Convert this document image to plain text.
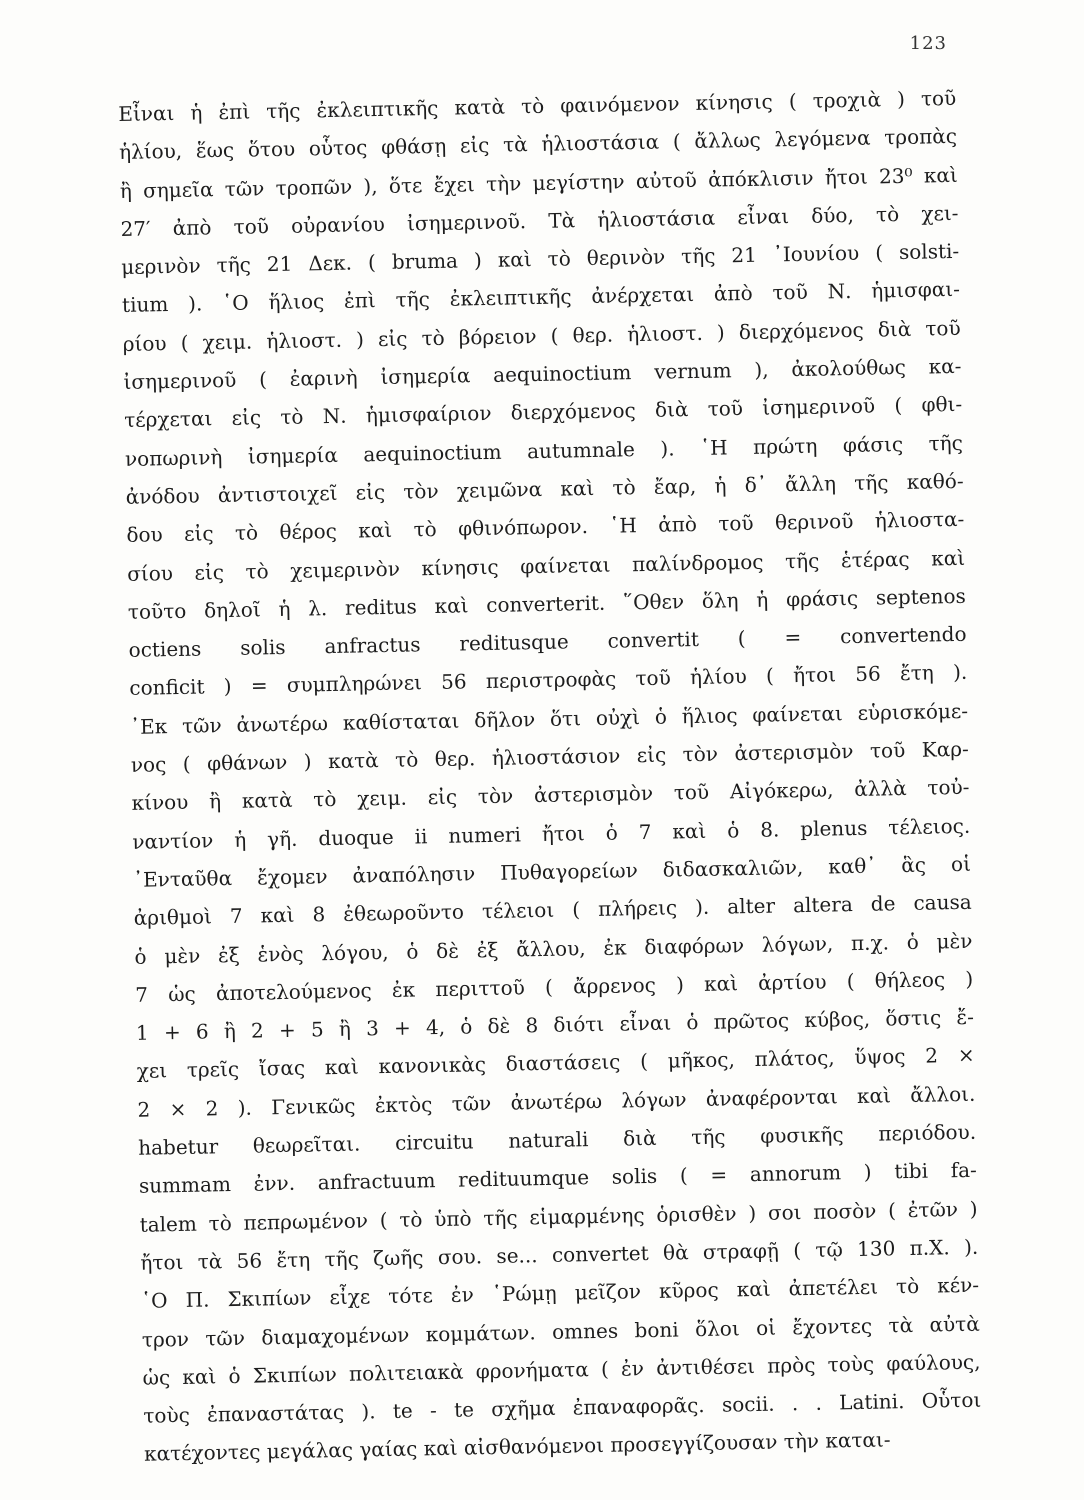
123
Εἶναι ἡ ἐπὶ τῆς ἐκλειπτικῆς κατὰ τὸ φαινόμενον κίνησις ( τροχιὰ ) τοῦ
ἡλίου, ἕως ὅτου οὗτος φθάσῃ εἰς τὰ ἡλιοστάσια ( ἄλλως λεγόμενα τροπὰς
ἢ σημεῖα τῶν τροπῶν ), ὅτε ἔχει τὴν μεγίστην αὐτοῦ ἀπόκλισιν ἤτοι 23⁰ καὶ
27′ ἀπὸ τοῦ οὐρανίου ἰσημερινοῦ. Τὰ ἡλιοστάσια εἶναι δύο, τὸ χει-
μερινὸν τῆς 21 Δεκ. ( bruma ) καὶ τὸ θερινὸν τῆς 21 ᾿Ιουνίου ( solsti-
tium ). ῾Ο ἥλιος ἐπὶ τῆς ἐκλειπτικῆς ἀνέρχεται ἀπὸ τοῦ Ν. ἡμισφαι-
ρίου ( χειμ. ἡλιοστ. ) εἰς τὸ βόρειον ( θερ. ἡλιοστ. ) διερχόμενος διὰ τοῦ
ἰσημερινοῦ ( ἐαρινὴ ἰσημερία aequinoctium vernum ), ἀκολούθως κα-
τέρχεται εἰς τὸ Ν. ἡμισφαίριον διερχόμενος διὰ τοῦ ἰσημερινοῦ ( φθι-
νοπωρινὴ ἰσημερία aequinoctium autumnale ). ῾Η πρώτη φάσις τῆς
ἀνόδου ἀντιστοιχεῖ εἰς τὸν χειμῶνα καὶ τὸ ἔαρ, ἡ δ᾿ ἄλλη τῆς καθό-
δου εἰς τὸ θέρος καὶ τὸ φθινόπωρον. ῾Η ἀπὸ τοῦ θερινοῦ ἡλιοστα-
σίου εἰς τὸ χειμερινὸν κίνησις φαίνεται παλίνδρομος τῆς ἑτέρας καὶ
τοῦτο δηλοῖ ἡ λ. reditus καὶ converterit. ῞Οθεν ὅλη ἡ φράσις septenos
octiens solis anfractus reditusque convertit ( = convertendo
conficit ) = συμπληρώνει 56 περιστροφὰς τοῦ ἡλίου ( ἤτοι 56 ἔτη ).
᾿Εκ τῶν ἀνωτέρω καθίσταται δῆλον ὅτι οὐχὶ ὁ ἥλιος φαίνεται εὑρισκόμε-
νος ( φθάνων ) κατὰ τὸ θερ. ἡλιοστάσιον εἰς τὸν ἀστερισμὸν τοῦ Καρ-
κίνου ἢ κατὰ τὸ χειμ. εἰς τὸν ἀστερισμὸν τοῦ Αἰγόκερω, ἀλλὰ τοὐ-
ναντίον ἡ γῆ. duoque ii numeri ἤτοι ὁ 7 καὶ ὁ 8. plenus τέλειος.
᾿Ενταῦθα ἔχομεν ἀναπόλησιν Πυθαγορείων διδασκαλιῶν, καθ᾿ ἃς οἱ
ἀριθμοὶ 7 καὶ 8 ἐθεωροῦντο τέλειοι ( πλήρεις ). alter altera de causa
ὁ μὲν ἐξ ἑνὸς λόγου, ὁ δὲ ἐξ ἄλλου, ἐκ διαφόρων λόγων, π.χ. ὁ μὲν
7 ὡς ἀποτελούμενος ἐκ περιττοῦ ( ἄρρενος ) καὶ ἀρτίου ( θήλεος )
1 + 6 ἢ 2 + 5 ἢ 3 + 4, ὁ δὲ 8 διότι εἶναι ὁ πρῶτος κύβος, ὅστις ἔ-
χει τρεῖς ἴσας καὶ κανονικὰς διαστάσεις ( μῆκος, πλάτος, ὕψος 2 ×
2 × 2 ). Γενικῶς ἐκτὸς τῶν ἀνωτέρω λόγων ἀναφέρονται καὶ ἄλλοι.
habetur θεωρεῖται. circuitu naturali διὰ τῆς φυσικῆς περιόδου.
summam ἐνν. anfractuum redituumque solis ( = annorum ) tibi fa-
talem τὸ πεπρωμένον ( τὸ ὑπὸ τῆς εἱμαρμένης ὁρισθὲν ) σοι ποσὸν ( ἐτῶν )
ἤτοι τὰ 56 ἔτη τῆς ζωῆς σου. se... convertet θὰ στραφῇ ( τῷ 130 π.Χ. ).
῾Ο Π. Σκιπίων εἶχε τότε ἐν ῾Ρώμῃ μεῖζον κῦρος καὶ ἀπετέλει τὸ κέν-
τρον τῶν διαμαχομένων κομμάτων. omnes boni ὅλοι οἱ ἔχοντες τὰ αὐτὰ
ὡς καὶ ὁ Σκιπίων πολιτειακὰ φρονήματα ( ἐν ἀντιθέσει πρὸς τοὺς φαύλους,
τοὺς ἐπαναστάτας ). te - te σχῆμα ἐπαναφορᾶς. socii. . . Latini. Οὗτοι
κατέχοντες μεγάλας γαίας καὶ αἰσθανόμενοι προσεγγίζουσαν τὴν καται-
